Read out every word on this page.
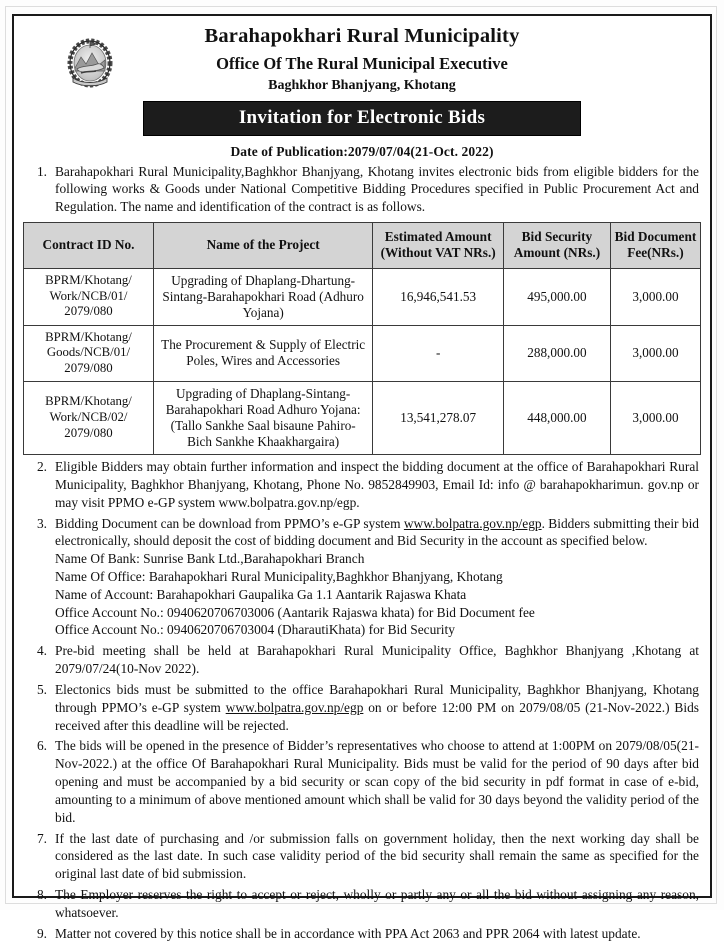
Barahapokhari Rural Municipality
Office Of The Rural Municipal Executive
Baghkhor Bhanjyang, Khotang
Invitation for Electronic Bids
Date of Publication:2079/07/04(21-Oct. 2022)
1. Barahapokhari Rural Municipality,Baghkhor Bhanjyang, Khotang invites electronic bids from eligible bidders for the following works & Goods under National Competitive Bidding Procedures specified in Public Procurement Act and Regulation. The name and identification of the contract is as follows.
Contract ID No.	Name of the Project	Estimated Amount (Without VAT NRs.)	Bid Security Amount (NRs.)	Bid Document Fee(NRs.)
BPRM/Khotang/ Work/NCB/01/ 2079/080	Upgrading of Dhaplang-Dhartung-Sintang-Barahapokhari Road (Adhuro Yojana)	16,946,541.53	495,000.00	3,000.00
BPRM/Khotang/ Goods/NCB/01/ 2079/080	The Procurement & Supply of Electric Poles, Wires and Accessories	-	288,000.00	3,000.00
BPRM/Khotang/ Work/NCB/02/ 2079/080	Upgrading of Dhaplang-Sintang-Barahapokhari Road Adhuro Yojana:(Tallo Sankhe Saal bisaune Pahiro- Bich Sankhe Khaakhargaira)	13,541,278.07	448,000.00	3,000.00
2. Eligible Bidders may obtain further information and inspect the bidding document at the office of Barahapokhari Rural Municipality, Baghkhor Bhanjyang, Khotang, Phone No. 9852849903, Email Id: info @ barahapokharimun. gov.np or may visit PPMO e-GP system www.bolpatra.gov.np/egp.
3. Bidding Document can be download from PPMO’s e-GP system www.bolpatra.gov.np/egp. Bidders submitting their bid electronically, should deposit the cost of bidding document and Bid Security in the account as specified below.
Name Of Bank: Sunrise Bank Ltd.,Barahapokhari Branch
Name Of Office: Barahapokhari Rural Municipality,Baghkhor Bhanjyang, Khotang
Name of Account: Barahapokhari Gaupalika Ga 1.1 Aantarik Rajaswa Khata
Office Account No.: 0940620706703006 (Aantarik Rajaswa khata) for Bid Document fee
Office Account No.: 0940620706703004 (DharautiKhata) for Bid Security
4. Pre-bid meeting shall be held at Barahapokhari Rural Municipality Office, Baghkhor Bhanjyang ,Khotang at 2079/07/24(10-Nov 2022).
5. Electonics bids must be submitted to the office Barahapokhari Rural Municipality, Baghkhor Bhanjyang, Khotang through PPMO’s e-GP system www.bolpatra.gov.np/egp on or before 12:00 PM on 2079/08/05 (21-Nov-2022.) Bids received after this deadline will be rejected.
6. The bids will be opened in the presence of Bidder’s representatives who choose to attend at 1:00PM on 2079/08/05(21-Nov-2022.) at the office Of Barahapokhari Rural Municipality. Bids must be valid for the period of 90 days after bid opening and must be accompanied by a bid security or scan copy of the bid security in pdf format in case of e-bid, amounting to a minimum of above mentioned amount which shall be valid for 30 days beyond the validity period of the bid.
7. If the last date of purchasing and /or submission falls on government holiday, then the next working day shall be considered as the last date. In such case validity period of the bid security shall remain the same as specified for the original last date of bid submission.
8. The Employer reserves the right to accept or reject, wholly or partly any or all the bid without assigning any reason, whatsoever.
9. Matter not covered by this notice shall be in accordance with PPA Act 2063 and PPR 2064 with latest update.
